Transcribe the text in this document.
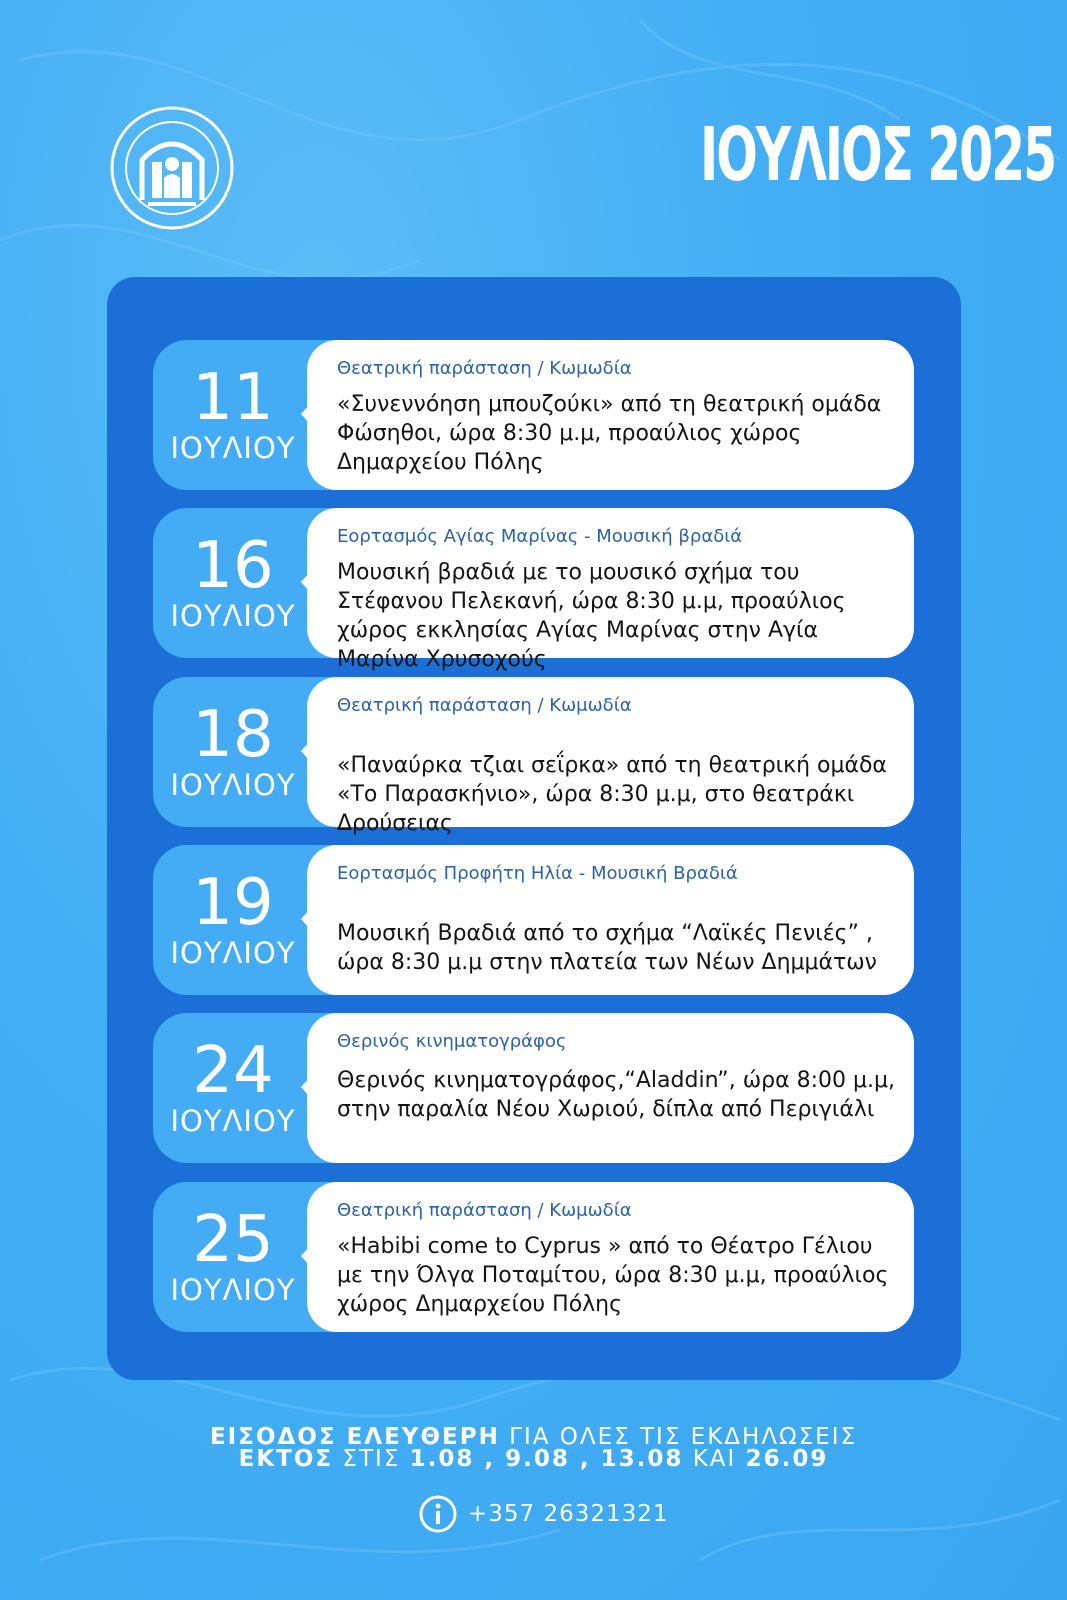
ΙΟΥΛΙΟΣ 2025
11
ΙΟΥΛΙΟΥ
Θεατρική παράσταση / Κωμωδία
«Συνεννόηση μπουζούκι» από τη θεατρική ομάδα Φώσηθοι, ώρα 8:30 μ.μ, προαύλιος χώρος Δημαρχείου Πόλης
16
ΙΟΥΛΙΟΥ
Εορτασμός Αγίας Μαρίνας - Μουσική βραδιά
Μουσική βραδιά με το μουσικό σχήμα του Στέφανου Πελεκανή, ώρα 8:30 μ.μ, προαύλιος χώρος εκκλησίας Αγίας Μαρίνας στην Αγία Μαρίνα Χρυσοχούς
18
ΙΟΥΛΙΟΥ
Θεατρική παράσταση / Κωμωδία
«Παναύρκα τζιαι σεΐρκα» από τη θεατρική ομάδα «Το Παρασκήνιο», ώρα 8:30 μ.μ, στο θεατράκι Δρούσειας
19
ΙΟΥΛΙΟΥ
Εορτασμός Προφήτη Ηλία - Μουσική Βραδιά
Μουσική Βραδιά από το σχήμα “Λαϊκές Πενιές” , ώρα 8:30 μ.μ στην πλατεία των Νέων Δημμάτων
24
ΙΟΥΛΙΟΥ
Θερινός κινηματογράφος
Θερινός κινηματογράφος,“Aladdin”, ώρα 8:00 μ.μ, στην παραλία Νέου Χωριού, δίπλα από Περιγιάλι
25
ΙΟΥΛΙΟΥ
Θεατρική παράσταση / Κωμωδία
«Habibi come to Cyprus » από το Θέατρο Γέλιου με την Όλγα Ποταμίτου, ώρα 8:30 μ.μ, προαύλιος χώρος Δημαρχείου Πόλης
ΕΙΣΟΔΟΣ ΕΛΕΥΘΕΡΗ ΓΙΑ ΟΛΕΣ ΤΙΣ ΕΚΔΗΛΩΣΕΙΣ
ΕΚΤΟΣ ΣΤΙΣ 1.08 , 9.08 , 13.08 ΚΑΙ 26.09
+357 26321321
